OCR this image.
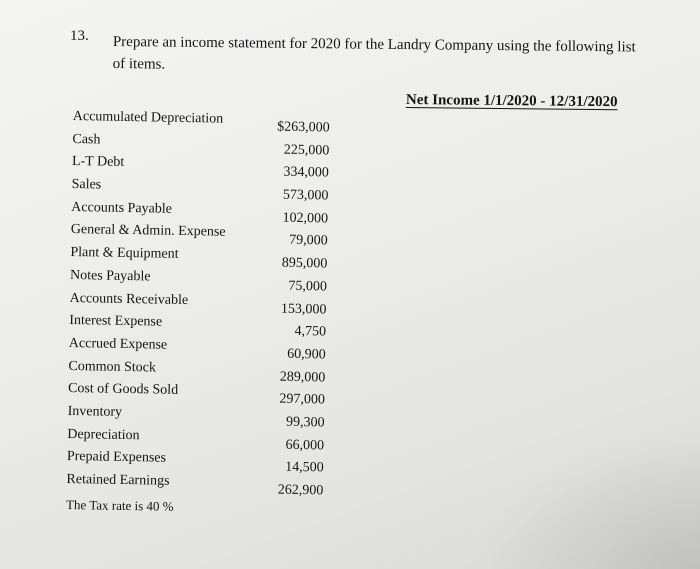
13. Prepare an income statement for 2020 for the Landry Company using the following list of items.
Net Income 1/1/2020 - 12/31/2020
Accumulated Depreciation
$263,000
Cash
225,000
L-T Debt
334,000
Sales
573,000
Accounts Payable
102,000
General & Admin. Expense
79,000
Plant & Equipment
895,000
Notes Payable
75,000
Accounts Receivable
153,000
Interest Expense
4,750
Accrued Expense
60,900
Common Stock
289,000
Cost of Goods Sold
297,000
Inventory
99,300
Depreciation
66,000
Prepaid Expenses
14,500
Retained Earnings
262,900
The Tax rate is 40 %
